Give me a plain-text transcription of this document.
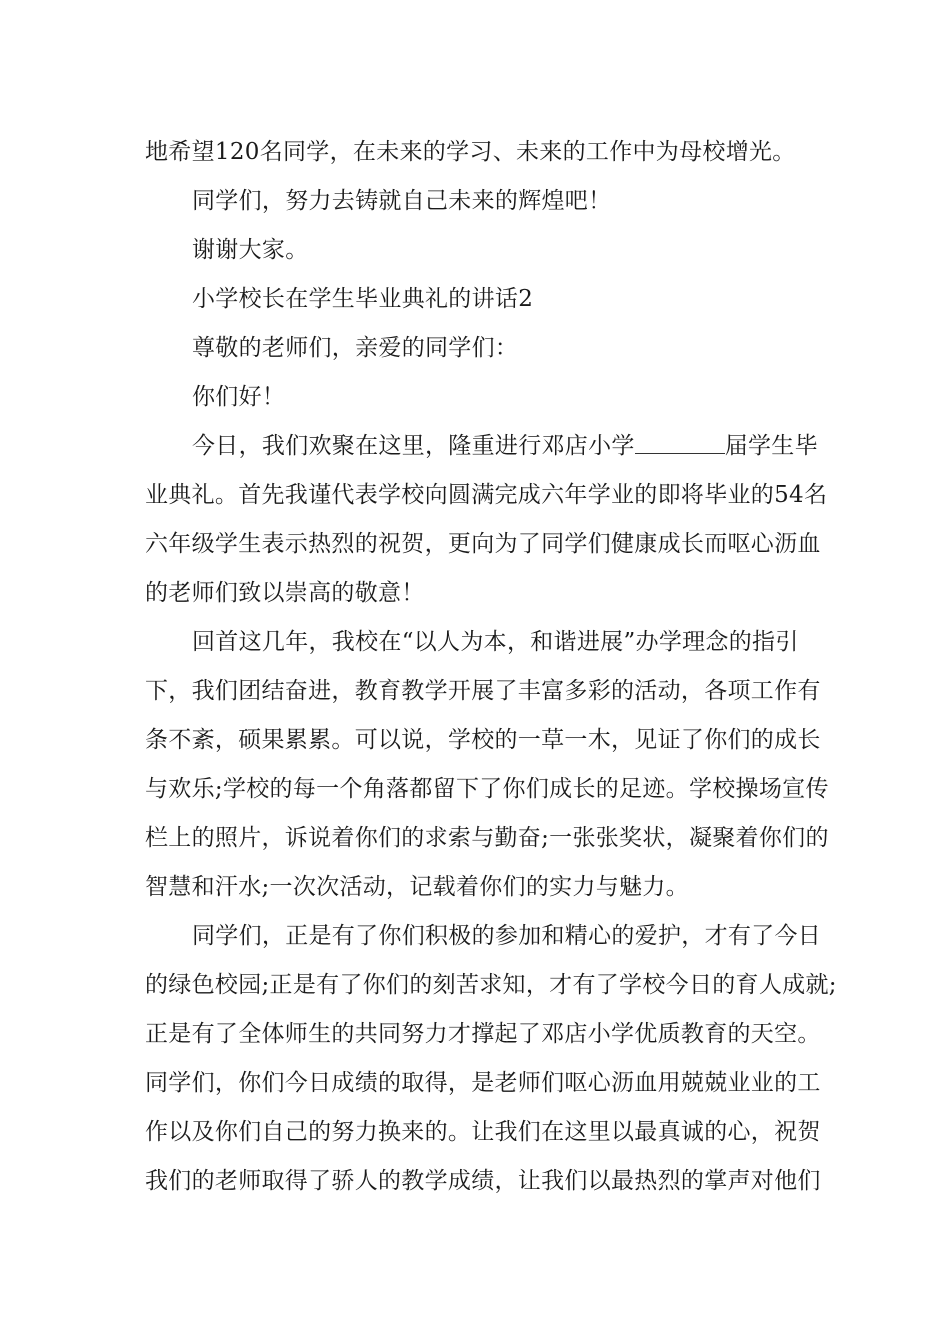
地希望120名同学，在未来的学习、未来的工作中为母校增光。
同学们，努力去铸就自己未来的辉煌吧！
谢谢大家。
小学校长在学生毕业典礼的讲话2
尊敬的老师们，亲爱的同学们：
你们好！
今日，我们欢聚在这里，隆重进行邓店小学	届学生毕
业典礼。首先我谨代表学校向圆满完成六年学业的即将毕业的54名
六年级学生表示热烈的祝贺，更向为了同学们健康成长而呕心沥血
的老师们致以崇高的敬意！
回首这几年，我校在“以人为本，和谐进展”办学理念的指引
下，我们团结奋进，教育教学开展了丰富多彩的活动，各项工作有
条不紊，硕果累累。可以说，学校的一草一木，见证了你们的成长
与欢乐;学校的每一个角落都留下了你们成长的足迹。学校操场宣传
栏上的照片，诉说着你们的求索与勤奋;一张张奖状，凝聚着你们的
智慧和汗水;一次次活动，记载着你们的实力与魅力。
同学们，正是有了你们积极的参加和精心的爱护，才有了今日
的绿色校园;正是有了你们的刻苦求知，才有了学校今日的育人成就;
正是有了全体师生的共同努力才撑起了邓店小学优质教育的天空。
同学们，你们今日成绩的取得，是老师们呕心沥血用兢兢业业的工
作以及你们自己的努力换来的。让我们在这里以最真诚的心，祝贺
我们的老师取得了骄人的教学成绩，让我们以最热烈的掌声对他们
